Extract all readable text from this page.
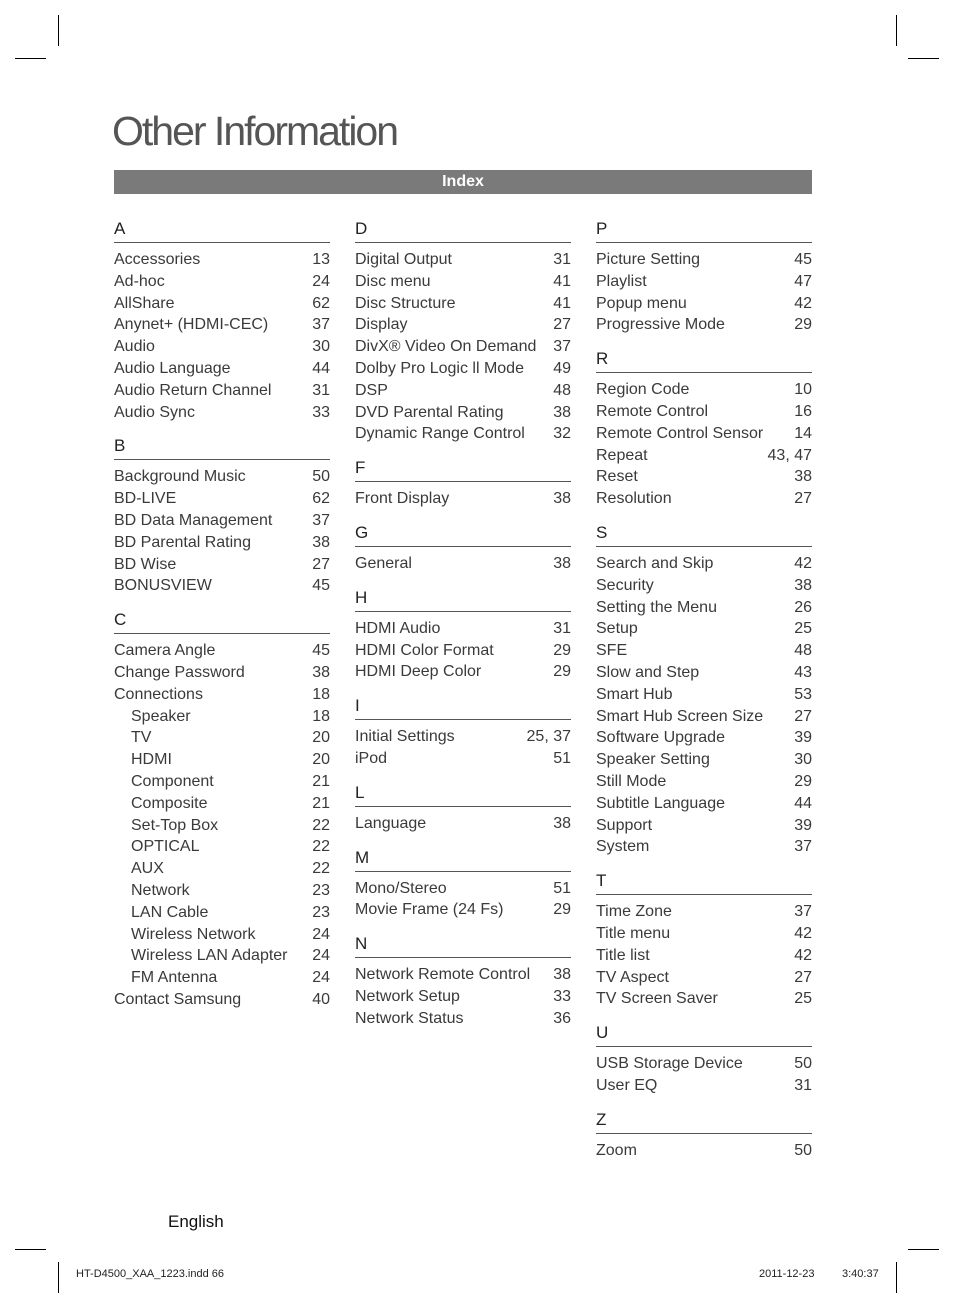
Other Information
Index
A
Accessories	13
Ad-hoc	24
AllShare	62
Anynet+ (HDMI-CEC)	37
Audio	30
Audio Language	44
Audio Return Channel	31
Audio Sync	33
B
Background Music	50
BD-LIVE	62
BD Data Management 37
BD Parental Rating	38
BD Wise	27
BONUSVIEW	45
C
Camera Angle	45
Change Password	38
Connections	18
Speaker	18
TV	20
HDMI	20
Component	21
Composite	21
Set-Top Box	22
OPTICAL	22
AUX	22
Network	23
LAN Cable	23
Wireless Network	24
Wireless LAN Adapter 24
FM Antenna	24
Contact Samsung	40
D
Digital Output	31
Disc menu	41
Disc Structure	41
Display	27
DivX® Video On Demand 37
Dolby Pro Logic ll Mode 49
DSP	48
DVD Parental Rating	38
Dynamic Range Control 32
F
Front Display	38
G
General	38
H
HDMI Audio	31
HDMI Color Format	29
HDMI Deep Color	29
I
Initial Settings	25, 37
iPod	51
L
Language	38
M
Mono/Stereo	51
Movie Frame (24 Fs)	29
N
Network Remote Control 38
Network Setup	33
Network Status	36
P
Picture Setting	45
Playlist	47
Popup menu	42
Progressive Mode	29
R
Region Code	10
Remote Control	16
Remote Control Sensor 14
Repeat	43, 47
Reset	38
Resolution	27
S
Search and Skip	42
Security	38
Setting the Menu	26
Setup	25
SFE	48
Slow and Step	43
Smart Hub	53
Smart Hub Screen Size 27
Software Upgrade	39
Speaker Setting	30
Still Mode	29
Subtitle Language	44
Support	39
System	37
T
Time Zone	37
Title menu	42
Title list	42
TV Aspect	27
TV Screen Saver	25
U
USB Storage Device	50
User EQ	31
Z
Zoom	50
English
HT-D4500_XAA_1223.indd 66	2011-12-23	3:40:37
